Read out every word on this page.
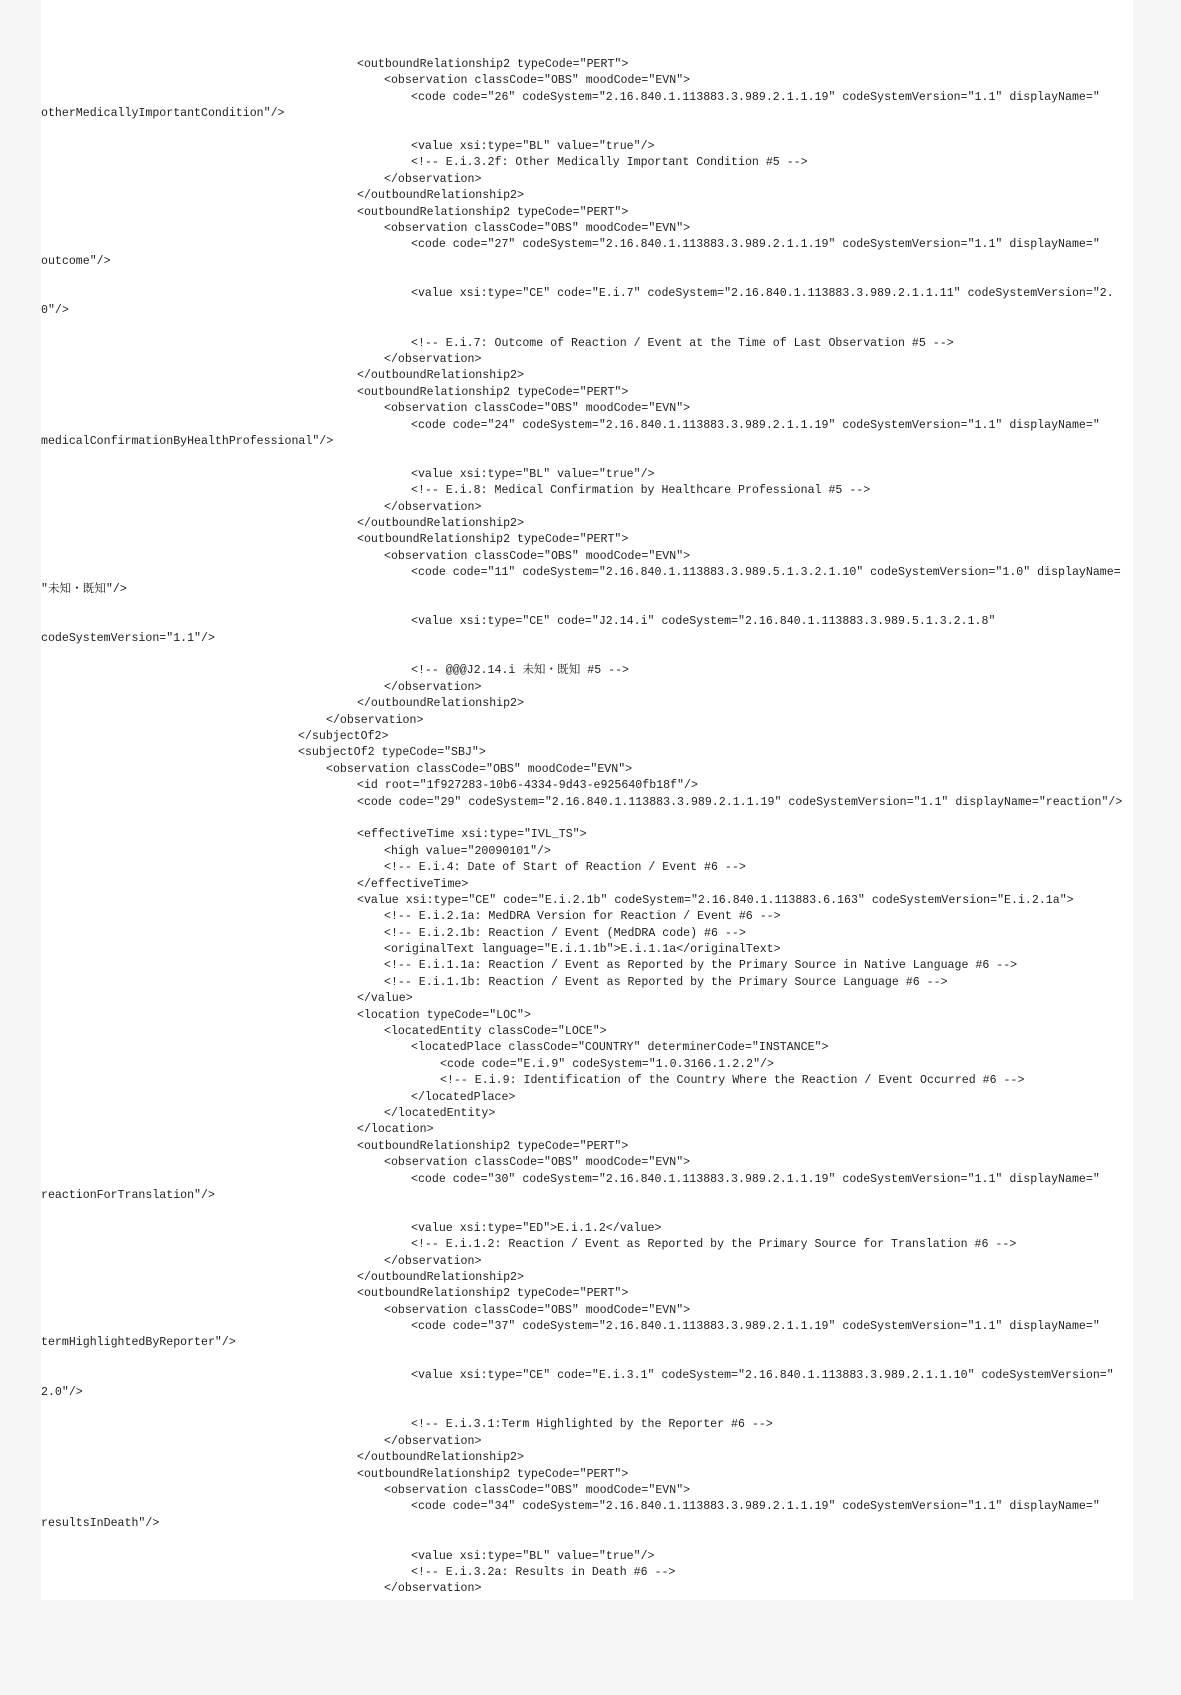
<outboundRelationship2 typeCode="PERT">
<observation classCode="OBS" moodCode="EVN">
<code code="26" codeSystem="2.16.840.1.113883.3.989.2.1.1.19" codeSystemVersion="1.1" displayName="
otherMedicallyImportantCondition"/>
<value xsi:type="BL" value="true"/>
<!-- E.i.3.2f: Other Medically Important Condition #5 -->
</observation>
</outboundRelationship2>
<outboundRelationship2 typeCode="PERT">
<observation classCode="OBS" moodCode="EVN">
<code code="27" codeSystem="2.16.840.1.113883.3.989.2.1.1.19" codeSystemVersion="1.1" displayName="
outcome"/>
<value xsi:type="CE" code="E.i.7" codeSystem="2.16.840.1.113883.3.989.2.1.1.11" codeSystemVersion="2.
0"/>
<!-- E.i.7: Outcome of Reaction / Event at the Time of Last Observation #5 -->
</observation>
</outboundRelationship2>
<outboundRelationship2 typeCode="PERT">
<observation classCode="OBS" moodCode="EVN">
<code code="24" codeSystem="2.16.840.1.113883.3.989.2.1.1.19" codeSystemVersion="1.1" displayName="
medicalConfirmationByHealthProfessional"/>
<value xsi:type="BL" value="true"/>
<!-- E.i.8: Medical Confirmation by Healthcare Professional #5 -->
</observation>
</outboundRelationship2>
<outboundRelationship2 typeCode="PERT">
<observation classCode="OBS" moodCode="EVN">
<code code="11" codeSystem="2.16.840.1.113883.3.989.5.1.3.2.1.10" codeSystemVersion="1.0" displayName=
"未知・既知"/>
<value xsi:type="CE" code="J2.14.i" codeSystem="2.16.840.1.113883.3.989.5.1.3.2.1.8"
codeSystemVersion="1.1"/>
<!-- @@@J2.14.i 未知・既知 #5 -->
</observation>
</outboundRelationship2>
</observation>
</subjectOf2>
<subjectOf2 typeCode="SBJ">
<observation classCode="OBS" moodCode="EVN">
<id root="1f927283-10b6-4334-9d43-e925640fb18f"/>
<code code="29" codeSystem="2.16.840.1.113883.3.989.2.1.1.19" codeSystemVersion="1.1" displayName="reaction"/>
<effectiveTime xsi:type="IVL_TS">
<high value="20090101"/>
<!-- E.i.4: Date of Start of Reaction / Event #6 -->
</effectiveTime>
<value xsi:type="CE" code="E.i.2.1b" codeSystem="2.16.840.1.113883.6.163" codeSystemVersion="E.i.2.1a">
<!-- E.i.2.1a: MedDRA Version for Reaction / Event #6 -->
<!-- E.i.2.1b: Reaction / Event (MedDRA code) #6 -->
<originalText language="E.i.1.1b">E.i.1.1a</originalText>
<!-- E.i.1.1a: Reaction / Event as Reported by the Primary Source in Native Language #6 -->
<!-- E.i.1.1b: Reaction / Event as Reported by the Primary Source Language #6 -->
</value>
<location typeCode="LOC">
<locatedEntity classCode="LOCE">
<locatedPlace classCode="COUNTRY" determinerCode="INSTANCE">
<code code="E.i.9" codeSystem="1.0.3166.1.2.2"/>
<!-- E.i.9: Identification of the Country Where the Reaction / Event Occurred #6 -->
</locatedPlace>
</locatedEntity>
</location>
<outboundRelationship2 typeCode="PERT">
<observation classCode="OBS" moodCode="EVN">
<code code="30" codeSystem="2.16.840.1.113883.3.989.2.1.1.19" codeSystemVersion="1.1" displayName="
reactionForTranslation"/>
<value xsi:type="ED">E.i.1.2</value>
<!-- E.i.1.2: Reaction / Event as Reported by the Primary Source for Translation #6 -->
</observation>
</outboundRelationship2>
<outboundRelationship2 typeCode="PERT">
<observation classCode="OBS" moodCode="EVN">
<code code="37" codeSystem="2.16.840.1.113883.3.989.2.1.1.19" codeSystemVersion="1.1" displayName="
termHighlightedByReporter"/>
<value xsi:type="CE" code="E.i.3.1" codeSystem="2.16.840.1.113883.3.989.2.1.1.10" codeSystemVersion="
2.0"/>
<!-- E.i.3.1:Term Highlighted by the Reporter #6 -->
</observation>
</outboundRelationship2>
<outboundRelationship2 typeCode="PERT">
<observation classCode="OBS" moodCode="EVN">
<code code="34" codeSystem="2.16.840.1.113883.3.989.2.1.1.19" codeSystemVersion="1.1" displayName="
resultsInDeath"/>
<value xsi:type="BL" value="true"/>
<!-- E.i.3.2a: Results in Death #6 -->
</observation>
